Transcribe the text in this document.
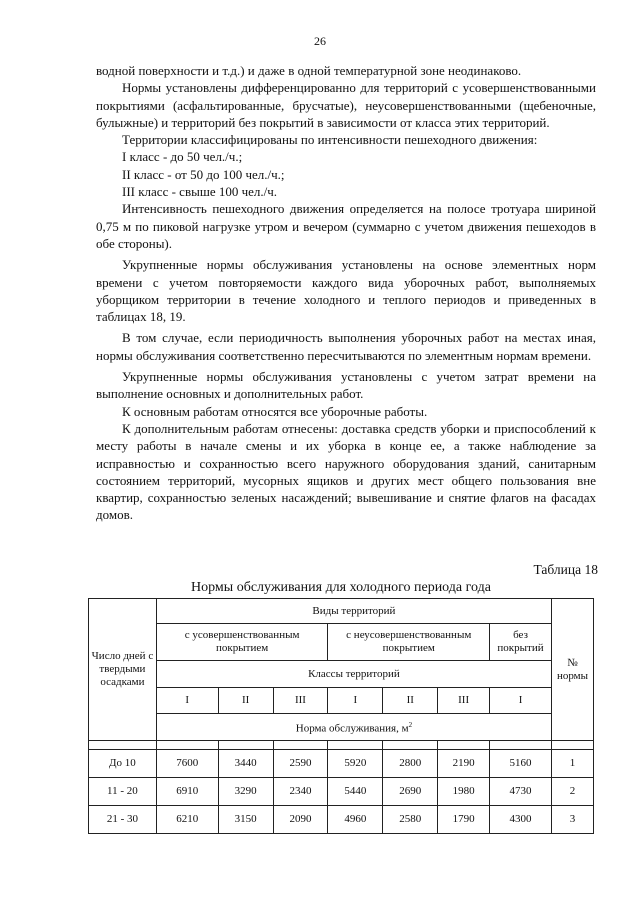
26

водной поверхности и т.д.) и даже в одной температурной зоне неодинаково.

Нормы установлены дифференцированно для территорий с усовершенствованными покрытиями (асфальтированные, брусчатые), неусовершенствованными (щебеночные, булыжные) и территорий без покрытий в зависимости от класса этих территорий.

Территории классифицированы по интенсивности пешеходного движения:

I класс - до 50 чел./ч.;

II класс - от 50 до 100 чел./ч.;

III класс - свыше 100 чел./ч.

Интенсивность пешеходного движения определяется на полосе тротуара шириной 0,75 м по пиковой нагрузке утром и вечером (суммарно с учетом движения пешеходов в обе стороны).

Укрупненные нормы обслуживания установлены на основе элементных норм времени с учетом повторяемости каждого вида уборочных работ, выполняемых уборщиком территории в течение холодного и теплого периодов и приведенных в таблицах 18, 19.

В том случае, если периодичность выполнения уборочных работ на местах иная, нормы обслуживания соответственно пересчитываются по элементным нормам времени.

Укрупненные нормы обслуживания установлены с учетом затрат времени на выполнение основных и дополнительных работ.

К основным работам относятся все уборочные работы.

К дополнительным работам отнесены: доставка средств уборки и приспособлений к месту работы в начале смены и их уборка в конце ее, а также наблюдение за исправностью и сохранностью всего наружного оборудования зданий, санитарным состоянием территорий, мусорных ящиков и других мест общего пользования вне квартир, сохранностью зеленых насаждений; вывешивание и снятие флагов на фасадах домов.

Таблица 18
Нормы обслуживания для холодного периода года
Число дней с твердыми осадками	Виды территорий							№ нормы
	с усовершенствованным покрытием			с неусовершенствованным покрытием			без покрытий	
	Классы территорий							
	I	II	III	I	II	III	I	
	Норма обслуживания, $м^2$

До 10	7600	3440	2590	5920	2800	2190	5160	1
11 - 20	6910	3290	2340	5440	2690	1980	4730	2
21 - 30	6210	3150	2090	4960	2580	1790	4300	3
